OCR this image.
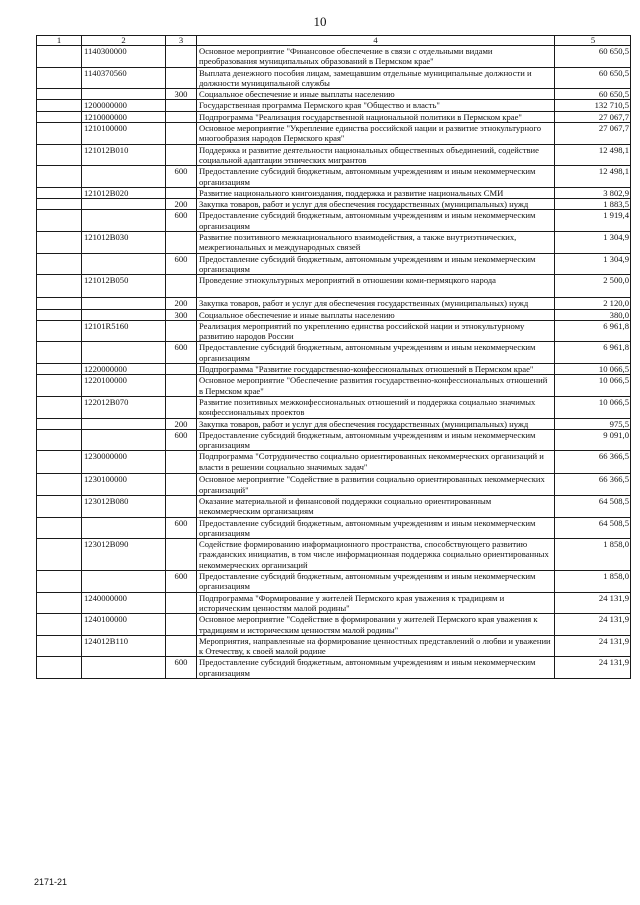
10
1	2	3	4	5
	1140300000		Основное мероприятие "Финансовое обеспечение в связи с отдельными видами преобразования муниципальных образований в Пермском крае"	60 650,5
	1140370560		Выплата денежного пособия лицам, замещавшим отдельные муниципальные должности и должности муниципальной службы	60 650,5
		300	Социальное обеспечение и иные выплаты населению	60 650,5
	1200000000		Государственная программа Пермского края "Общество и власть"	132 710,5
	1210000000		Подпрограмма "Реализация государственной национальной политики в Пермском крае"	27 067,7
	1210100000		Основное мероприятие "Укрепление единства российской нации и развитие этнокультурного многообразия народов Пермского края"	27 067,7
	121012B010		Поддержка и развитие деятельности национальных общественных объединений, содействие социальной адаптации этнических мигрантов	12 498,1
		600	Предоставление субсидий бюджетным, автономным учреждениям и иным некоммерческим организациям	12 498,1
	121012B020		Развитие национального книгоиздания, поддержка и развитие национальных СМИ	3 802,9
		200	Закупка товаров, работ и услуг для обеспечения государственных (муниципальных) нужд	1 883,5
		600	Предоставление субсидий бюджетным, автономным учреждениям и иным некоммерческим организациям	1 919,4
	121012B030		Развитие позитивного межнационального взаимодействия, а также внутриэтнических, межрегиональных и международных связей	1 304,9
		600	Предоставление субсидий бюджетным, автономным учреждениям и иным некоммерческим организациям	1 304,9
	121012B050		Проведение этнокультурных мероприятий в отношении коми-пермяцкого народа	2 500,0
		200	Закупка товаров, работ и услуг для обеспечения государственных (муниципальных) нужд	2 120,0
		300	Социальное обеспечение и иные выплаты населению	380,0
	12101R5160		Реализация мероприятий по укреплению единства российской нации и этнокультурному развитию народов России	6 961,8
		600	Предоставление субсидий бюджетным, автономным учреждениям и иным некоммерческим организациям	6 961,8
	1220000000		Подпрограмма "Развитие государственно-конфессиональных отношений в Пермском крае"	10 066,5
	1220100000		Основное мероприятие "Обеспечение развития государственно-конфессиональных отношений в Пермском крае"	10 066,5
	122012B070		Развитие позитивных межконфессиональных отношений и поддержка социально значимых конфессиональных проектов	10 066,5
		200	Закупка товаров, работ и услуг для обеспечения государственных (муниципальных) нужд	975,5
		600	Предоставление субсидий бюджетным, автономным учреждениям и иным некоммерческим организациям	9 091,0
	1230000000		Подпрограмма "Сотрудничество социально ориентированных некоммерческих организаций и власти в решении социально значимых задач"	66 366,5
	1230100000		Основное мероприятие "Содействие в развитии социально ориентированных некоммерческих организаций"	66 366,5
	123012B080		Оказание материальной и финансовой поддержки социально ориентированным некоммерческим организациям	64 508,5
		600	Предоставление субсидий бюджетным, автономным учреждениям и иным некоммерческим организациям	64 508,5
	123012B090		Содействие формированию информационного пространства, способствующего развитию гражданских инициатив, в том числе информационная поддержка социально ориентированных некоммерческих организаций	1 858,0
		600	Предоставление субсидий бюджетным, автономным учреждениям и иным некоммерческим организациям	1 858,0
	1240000000		Подпрограмма "Формирование у жителей Пермского края уважения к традициям и историческим ценностям малой родины"	24 131,9
	1240100000		Основное мероприятие "Содействие в формировании у жителей Пермского края уважения к традициям и историческим ценностям малой родины"	24 131,9
	124012B110		Мероприятия, направленные на формирование ценностных представлений о любви и уважении к Отечеству, к своей малой родине	24 131,9
		600	Предоставление субсидий бюджетным, автономным учреждениям и иным некоммерческим организациям	24 131,9
2171-21
